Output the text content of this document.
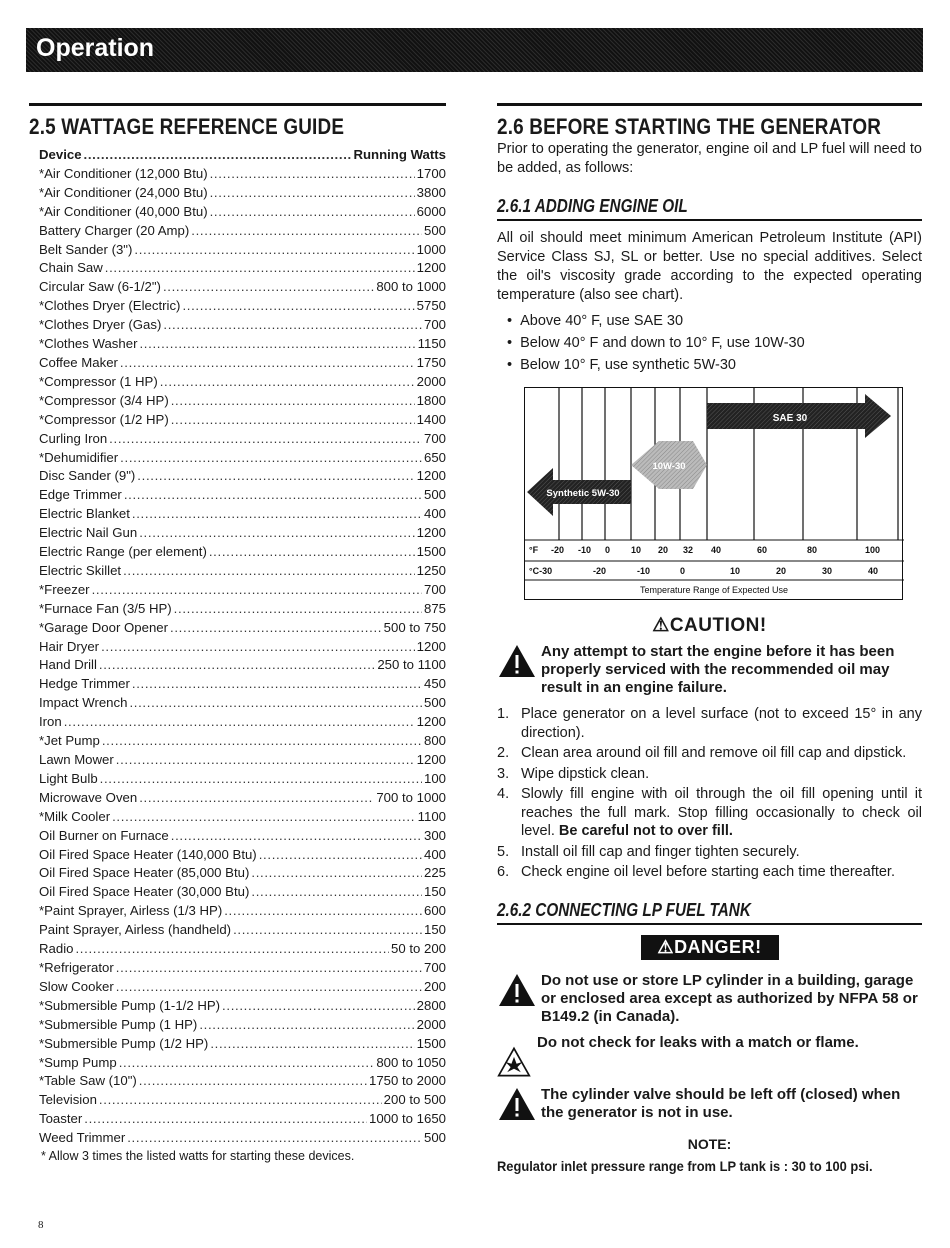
Operation
2.5 WATTAGE REFERENCE GUIDE
Device . . .	Running Watts
*Air Conditioner (12,000 Btu) . . .	1700
*Air Conditioner (24,000 Btu) . . .	3800
*Air Conditioner (40,000 Btu) . . .	6000
Battery Charger (20 Amp) . . .	500
Belt Sander (3") . . .	1000
Chain Saw . . .	1200
Circular Saw (6-1/2") . . .	800 to 1000
*Clothes Dryer (Electric) . . .	5750
*Clothes Dryer (Gas) . . .	700
*Clothes Washer . . .	1150
Coffee Maker . . .	1750
*Compressor (1 HP) . . .	2000
*Compressor (3/4 HP) . . .	1800
*Compressor (1/2 HP) . . .	1400
Curling Iron . . .	700
*Dehumidifier . . .	650
Disc Sander (9") . . .	1200
Edge Trimmer . . .	500
Electric Blanket . . .	400
Electric Nail Gun . . .	1200
Electric Range (per element) . . .	1500
Electric Skillet . . .	1250
*Freezer . . .	700
*Furnace Fan (3/5 HP) . . .	875
*Garage Door Opener . . .	500 to 750
Hair Dryer . . .	1200
Hand Drill . . .	250 to 1100
Hedge Trimmer . . .	450
Impact Wrench . . .	500
Iron . . .	1200
*Jet Pump . . .	800
Lawn Mower . . .	1200
Light Bulb . . .	100
Microwave Oven . . .	700 to 1000
*Milk Cooler . . .	1100
Oil Burner on Furnace . . .	300
Oil Fired Space Heater (140,000 Btu) . . .	400
Oil Fired Space Heater (85,000 Btu) . . .	225
Oil Fired Space Heater (30,000 Btu) . . .	150
*Paint Sprayer, Airless (1/3 HP) . . .	600
Paint Sprayer, Airless (handheld) . . .	150
Radio . . .	50 to 200
*Refrigerator . . .	700
Slow Cooker . . .	200
*Submersible Pump (1-1/2 HP) . . .	2800
*Submersible Pump (1 HP) . . .	2000
*Submersible Pump (1/2 HP) . . .	1500
*Sump Pump . . .	800 to 1050
*Table Saw (10") . . .	1750 to 2000
Television . . .	200 to 500
Toaster . . .	1000 to 1650
Weed Trimmer . . .	500
* Allow 3 times the listed watts for starting these devices.
2.6 BEFORE STARTING THE GENERATOR

Prior to operating the generator, engine oil and LP fuel will need to be added, as follows:

2.6.1 ADDING ENGINE OIL

All oil should meet minimum American Petroleum Institute (API) Service Class SJ, SL or better. Use no special additives. Select the oil's viscosity grade according to the expected operating temperature (also see chart).

• Above 40° F, use SAE 30
• Below 40° F and down to 10° F, use 10W-30
• Below 10° F, use synthetic 5W-30
SAE 30
10W-30
Synthetic 5W-30
°F -20 -10 0 10 20 32 40	60	80	100
°C-30	-20	-10	0	10	20	30	40
Temperature Range of Expected Use
⚠CAUTION!
Any attempt to start the engine before it has been properly serviced with the recommended oil may result in an engine failure.
1. Place generator on a level surface (not to exceed 15° in any direction).
2. Clean area around oil fill and remove oil fill cap and dipstick.
3. Wipe dipstick clean.
4. Slowly fill engine with oil through the oil fill opening until it reaches the full mark. Stop filling occasionally to check oil level. Be careful not to over fill.
5. Install oil fill cap and finger tighten securely.
6. Check engine oil level before starting each time thereafter.
2.6.2 CONNECTING LP FUEL TANK
⚠DANGER!
Do not use or store LP cylinder in a building, garage or enclosed area except as authorized by NFPA 58 or B149.2 (in Canada).
Do not check for leaks with a match or flame.
The cylinder valve should be left off (closed) when the generator is not in use.
NOTE:
Regulator inlet pressure range from LP tank is : 30 to 100 psi.
8
